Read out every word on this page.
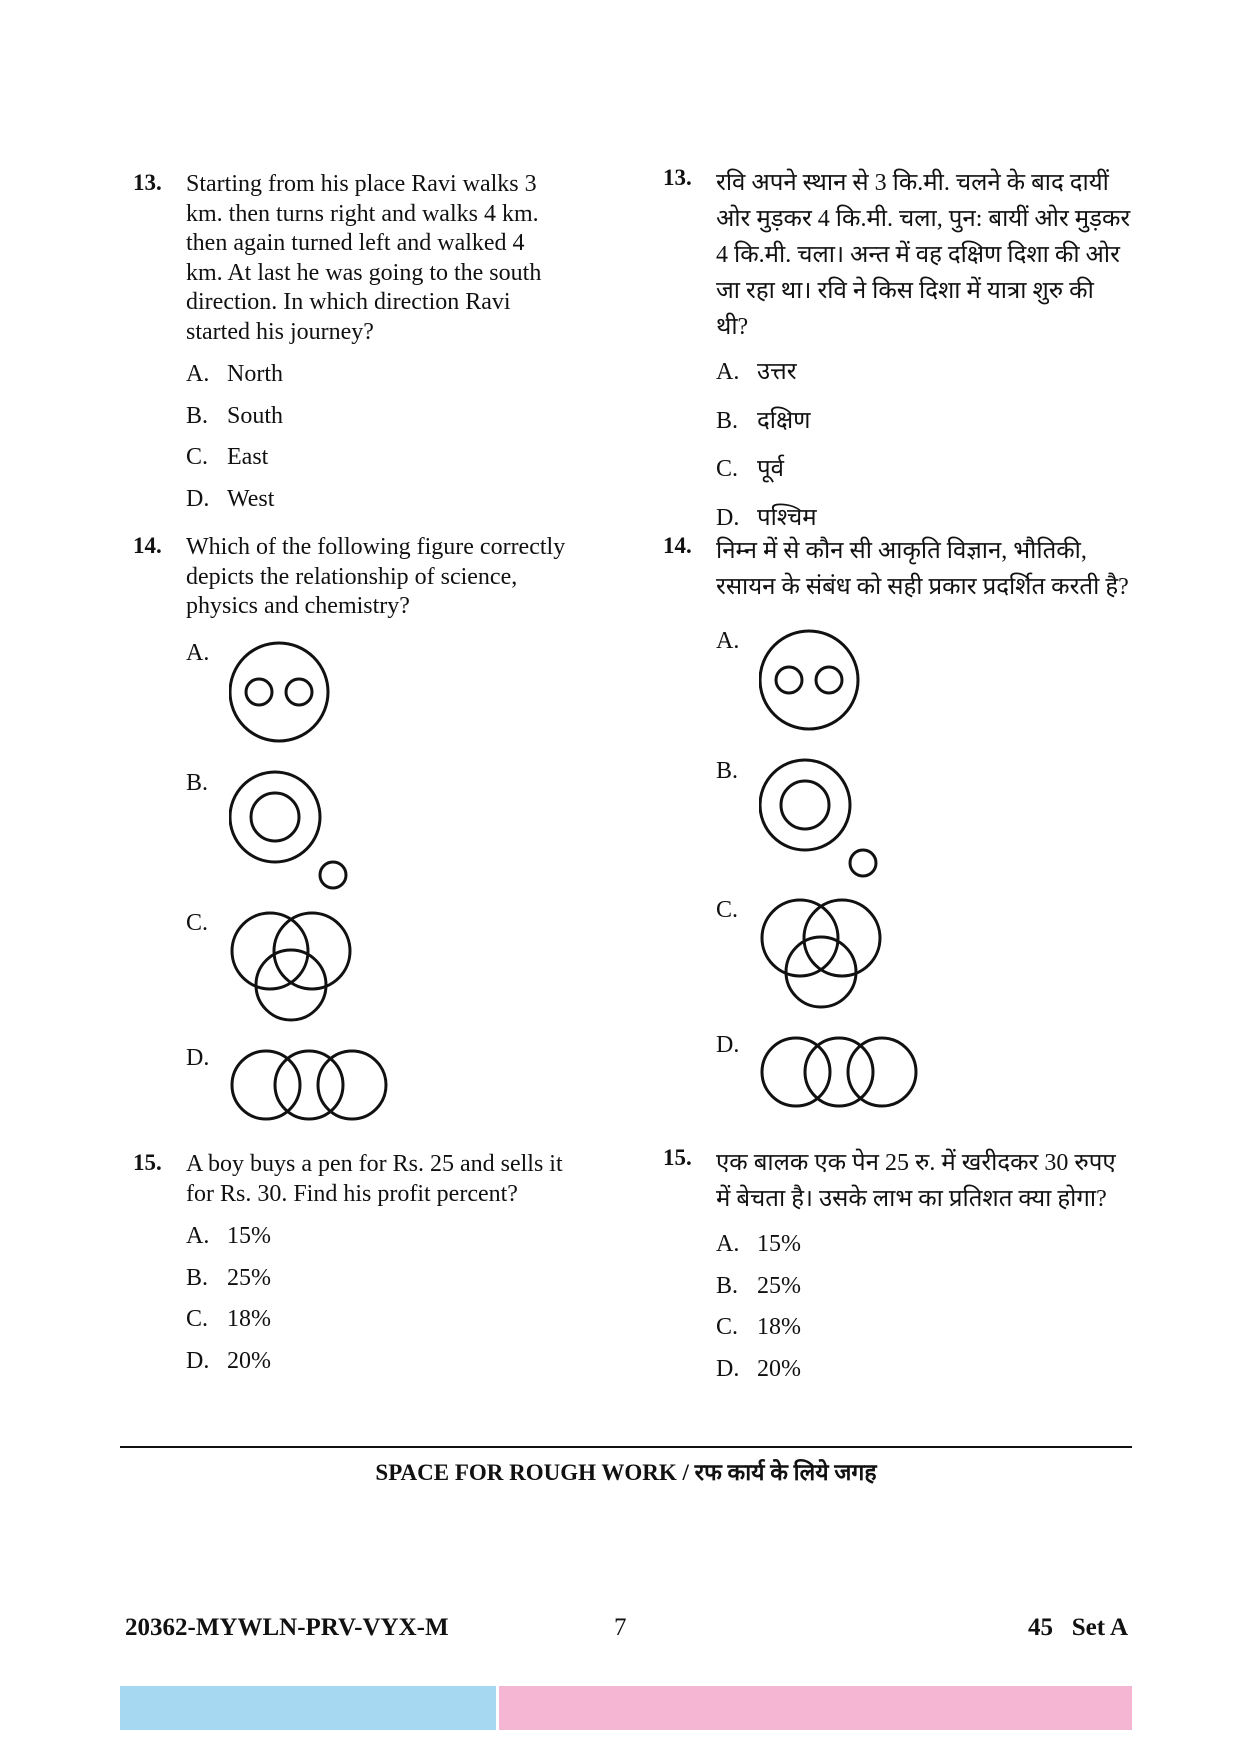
13. Starting from his place Ravi walks 3 km. then turns right and walks 4 km. then again turned left and walked 4 km. At last he was going to the south direction. In which direction Ravi started his journey?
A. North
B. South
C. East
D. West
14. Which of the following figure correctly depicts the relationship of science, physics and chemistry?
A.
B.
C.
D.
15. A boy buys a pen for Rs. 25 and sells it for Rs. 30. Find his profit percent?
A. 15%
B. 25%
C. 18%
D. 20%
13. रवि अपने स्थान से 3 कि.मी. चलने के बाद दायीं ओर मुड़कर 4 कि.मी. चला, पुन: बायीं ओर मुड़कर 4 कि.मी. चला। अन्त में वह दक्षिण दिशा की ओर जा रहा था। रवि ने किस दिशा में यात्रा शुरु की थी?
A. उत्तर
B. दक्षिण
C. पूर्व
D. पश्चिम
14. निम्न में से कौन सी आकृति विज्ञान, भौतिकी, रसायन के संबंध को सही प्रकार प्रदर्शित करती है?
A.
B.
C.
D.
15. एक बालक एक पेन 25 रु. में खरीदकर 30 रुपए में बेचता है। उसके लाभ का प्रतिशत क्या होगा?
A. 15%
B. 25%
C. 18%
D. 20%
SPACE FOR ROUGH WORK / रफ कार्य के लिये जगह
20362-MYWLN-PRV-VYX-M	7	45   Set A
